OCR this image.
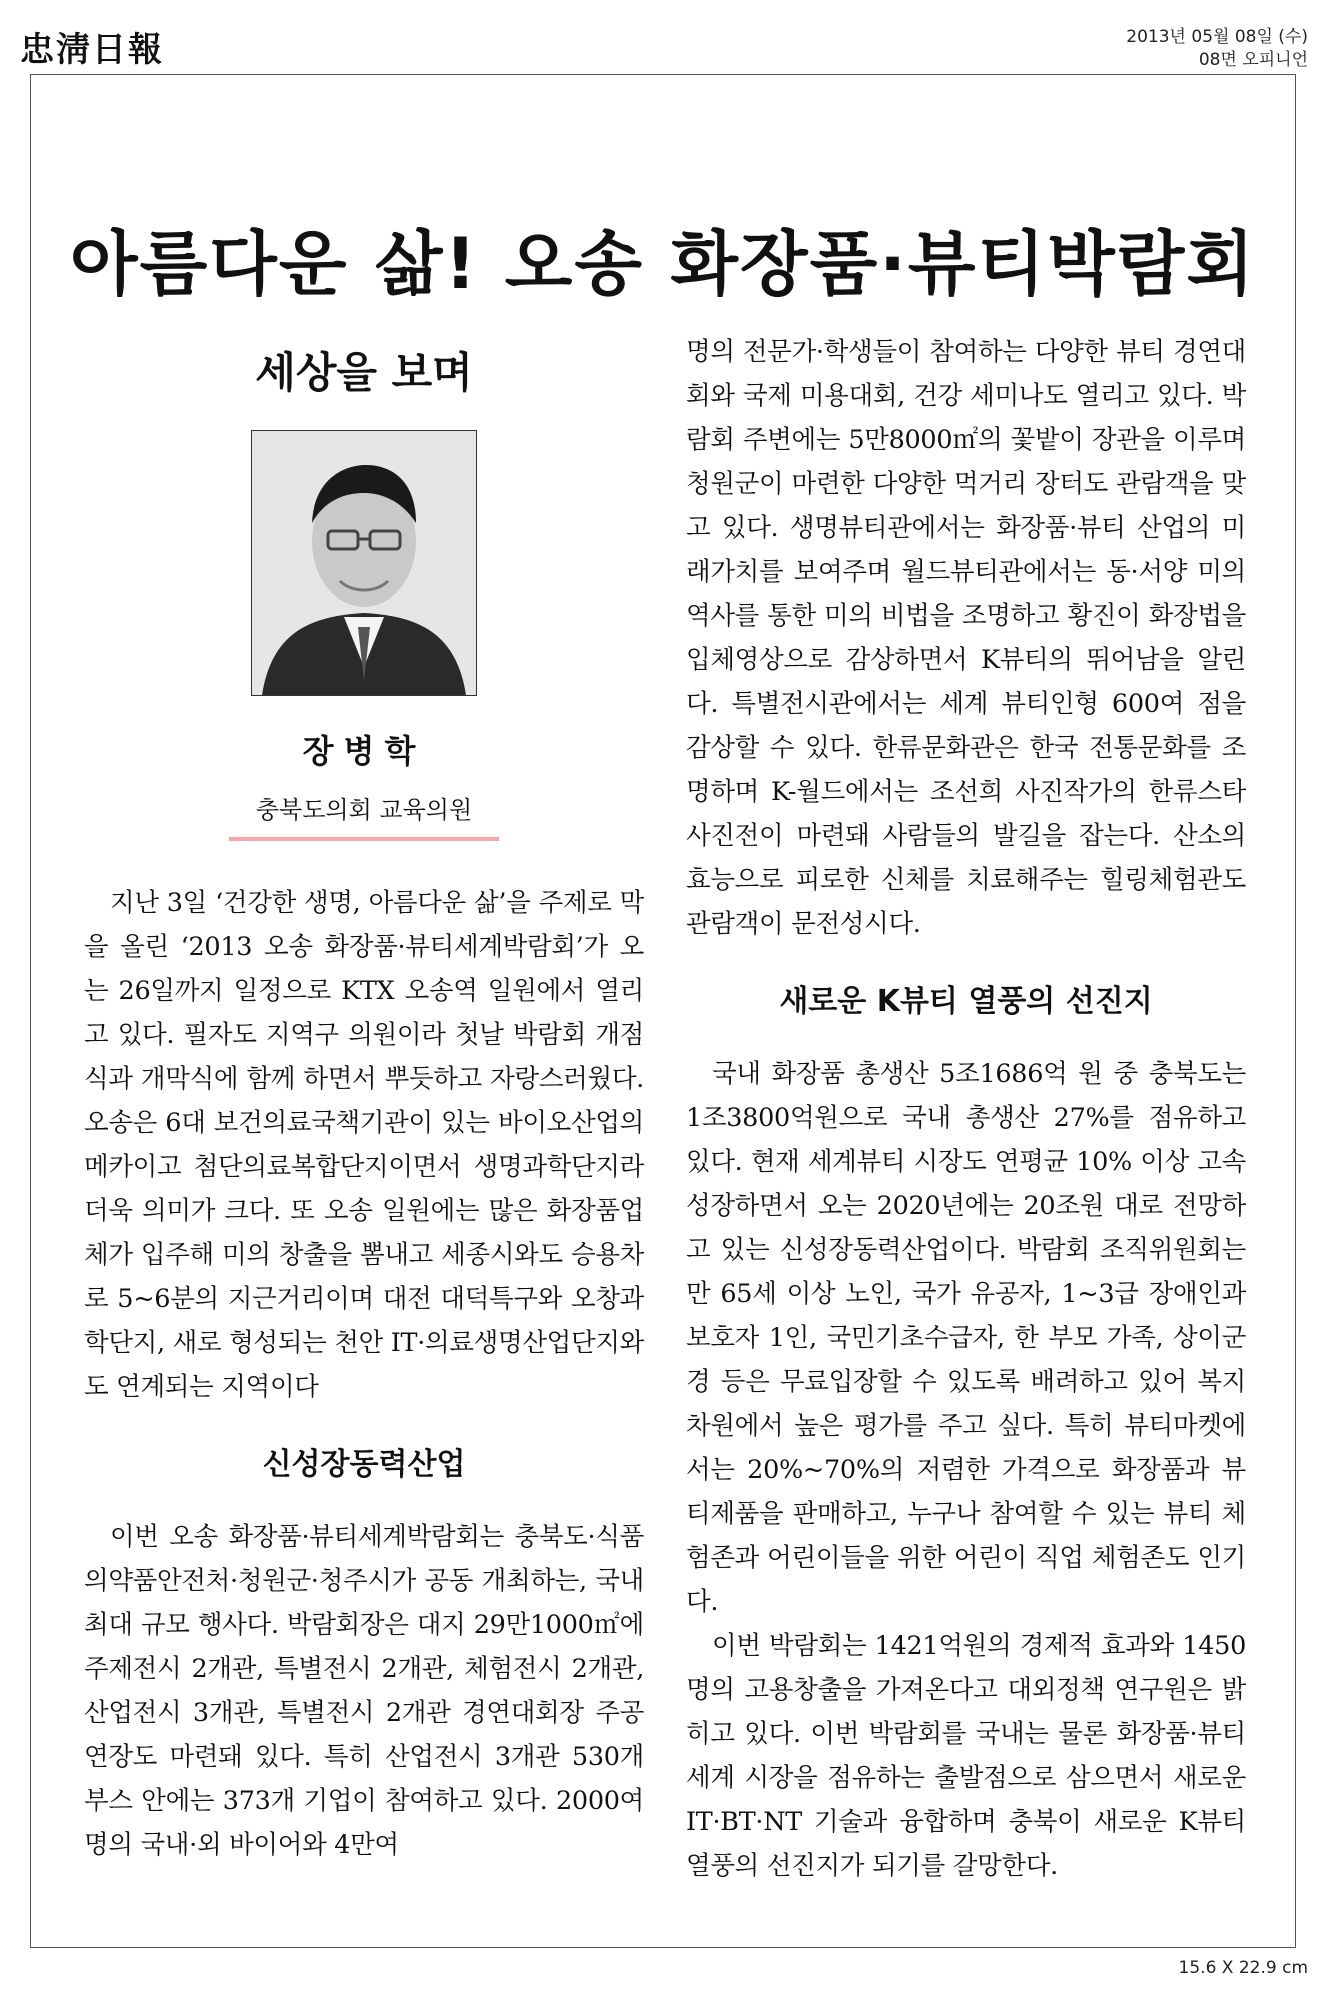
忠淸日報	2013년 05월 08일 (수)
08면 오피니언
아름다운 삶! 오송 화장품·뷰티박람회
세상을 보며
장병학
충북도의회 교육의원

지난 3일 ‘건강한 생명, 아름다운 삶’을 주제로 막을 올린 ‘2013 오송 화장품·뷰티세계박람회’가 오는 26일까지 일정으로 KTX 오송역 일원에서 열리고 있다. 필자도 지역구 의원이라 첫날 박람회 개점식과 개막식에 함께 하면서 뿌듯하고 자랑스러웠다. 오송은 6대 보건의료국책기관이 있는 바이오산업의 메카이고 첨단의료복합단지이면서 생명과학단지라 더욱 의미가 크다. 또 오송 일원에는 많은 화장품업체가 입주해 미의 창출을 뽐내고 세종시와도 승용차로 5~6분의 지근거리이며 대전 대덕특구와 오창과학단지, 새로 형성되는 천안 IT·의료생명산업단지와도 연계되는 지역이다

신성장동력산업

이번 오송 화장품·뷰티세계박람회는 충북도·식품의약품안전처·청원군·청주시가 공동 개최하는, 국내 최대 규모 행사다. 박람회장은 대지 29만1000㎡에 주제전시 2개관, 특별전시 2개관, 체험전시 2개관, 산업전시 3개관, 특별전시 2개관 경연대회장 주공연장도 마련돼 있다. 특히 산업전시 3개관 530개 부스 안에는 373개 기업이 참여하고 있다. 2000여 명의 국내·외 바이어와 4만여

명의 전문가·학생들이 참여하는 다양한 뷰티 경연대회와 국제 미용대회, 건강 세미나도 열리고 있다. 박람회 주변에는 5만8000㎡의 꽃밭이 장관을 이루며 청원군이 마련한 다양한 먹거리 장터도 관람객을 맞고 있다. 생명뷰티관에서는 화장품·뷰티 산업의 미래가치를 보여주며 월드뷰티관에서는 동·서양 미의 역사를 통한 미의 비법을 조명하고 황진이 화장법을 입체영상으로 감상하면서 K뷰티의 뛰어남을 알린다. 특별전시관에서는 세계 뷰티인형 600여 점을 감상할 수 있다. 한류문화관은 한국 전통문화를 조명하며 K-월드에서는 조선희 사진작가의 한류스타 사진전이 마련돼 사람들의 발길을 잡는다. 산소의 효능으로 피로한 신체를 치료해주는 힐링체험관도 관람객이 문전성시다.

새로운 K뷰티 열풍의 선진지

국내 화장품 총생산 5조1686억 원 중 충북도는 1조3800억원으로 국내 총생산 27%를 점유하고 있다. 현재 세계뷰티 시장도 연평균 10% 이상 고속성장하면서 오는 2020년에는 20조원 대로 전망하고 있는 신성장동력산업이다. 박람회 조직위원회는 만 65세 이상 노인, 국가 유공자, 1~3급 장애인과 보호자 1인, 국민기초수급자, 한 부모 가족, 상이군경 등은 무료입장할 수 있도록 배려하고 있어 복지 차원에서 높은 평가를 주고 싶다. 특히 뷰티마켓에서는 20%~70%의 저렴한 가격으로 화장품과 뷰티제품을 판매하고, 누구나 참여할 수 있는 뷰티 체험존과 어린이들을 위한 어린이 직업 체험존도 인기다.

이번 박람회는 1421억원의 경제적 효과와 1450명의 고용창출을 가져온다고 대외정책 연구원은 밝히고 있다. 이번 박람회를 국내는 물론 화장품·뷰티 세계 시장을 점유하는 출발점으로 삼으면서 새로운 IT·BT·NT 기술과 융합하며 충북이 새로운 K뷰티 열풍의 선진지가 되기를 갈망한다.

15.6 X 22.9 cm
